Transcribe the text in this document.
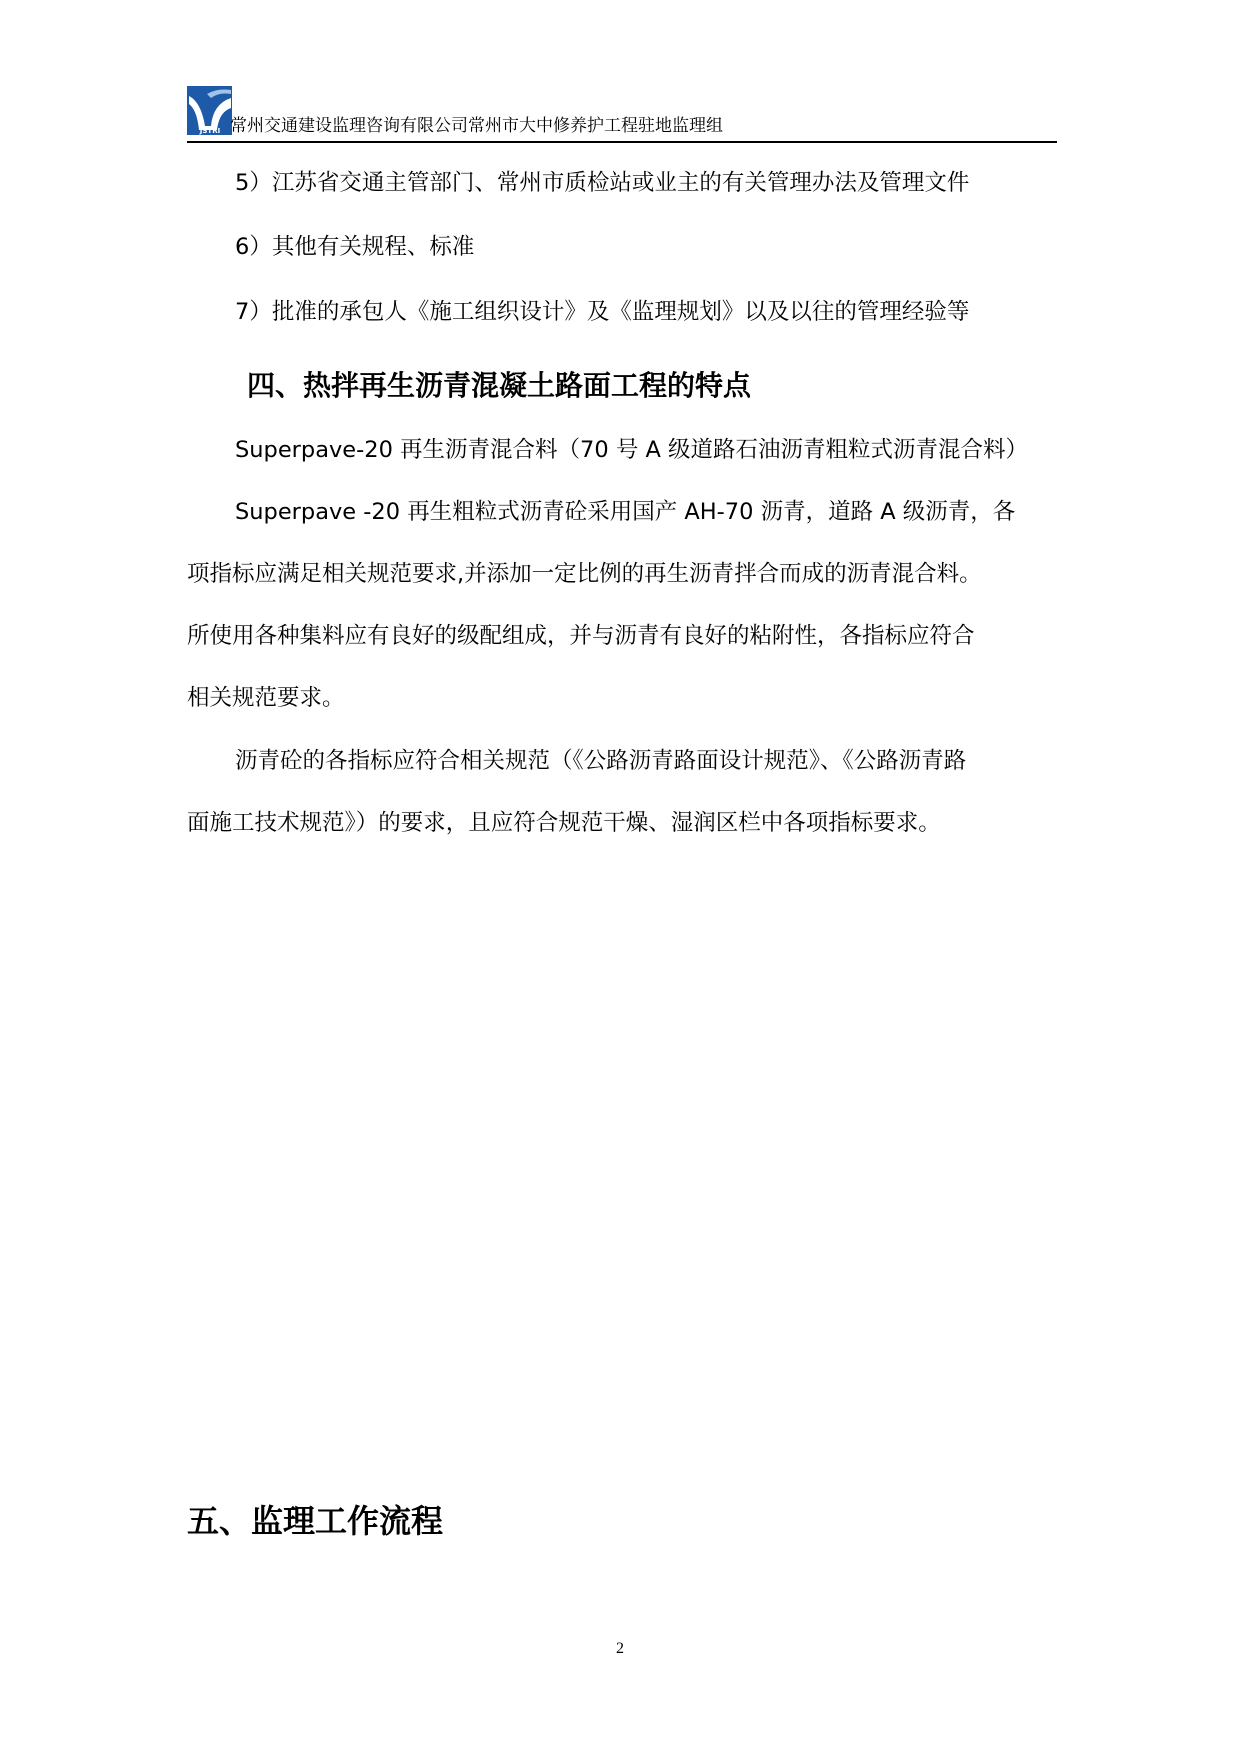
JSTRI 常州交通建设监理咨询有限公司常州市大中修养护工程驻地监理组
5）江苏省交通主管部门、常州市质检站或业主的有关管理办法及管理文件
6）其他有关规程、标准
7）批准的承包人《施工组织设计》及《监理规划》以及以往的管理经验等
四、热拌再生沥青混凝土路面工程的特点
Superpave-20 再生沥青混合料（70 号 A 级道路石油沥青粗粒式沥青混合料）
Superpave -20 再生粗粒式沥青砼采用国产 AH-70 沥青，道路 A 级沥青，各
项指标应满足相关规范要求,并添加一定比例的再生沥青拌合而成的沥青混合料。
所使用各种集料应有良好的级配组成，并与沥青有良好的粘附性，各指标应符合
相关规范要求。
沥青砼的各指标应符合相关规范（《公路沥青路面设计规范》、《公路沥青路
面施工技术规范》）的要求，且应符合规范干燥、湿润区栏中各项指标要求。
五、监理工作流程
2
